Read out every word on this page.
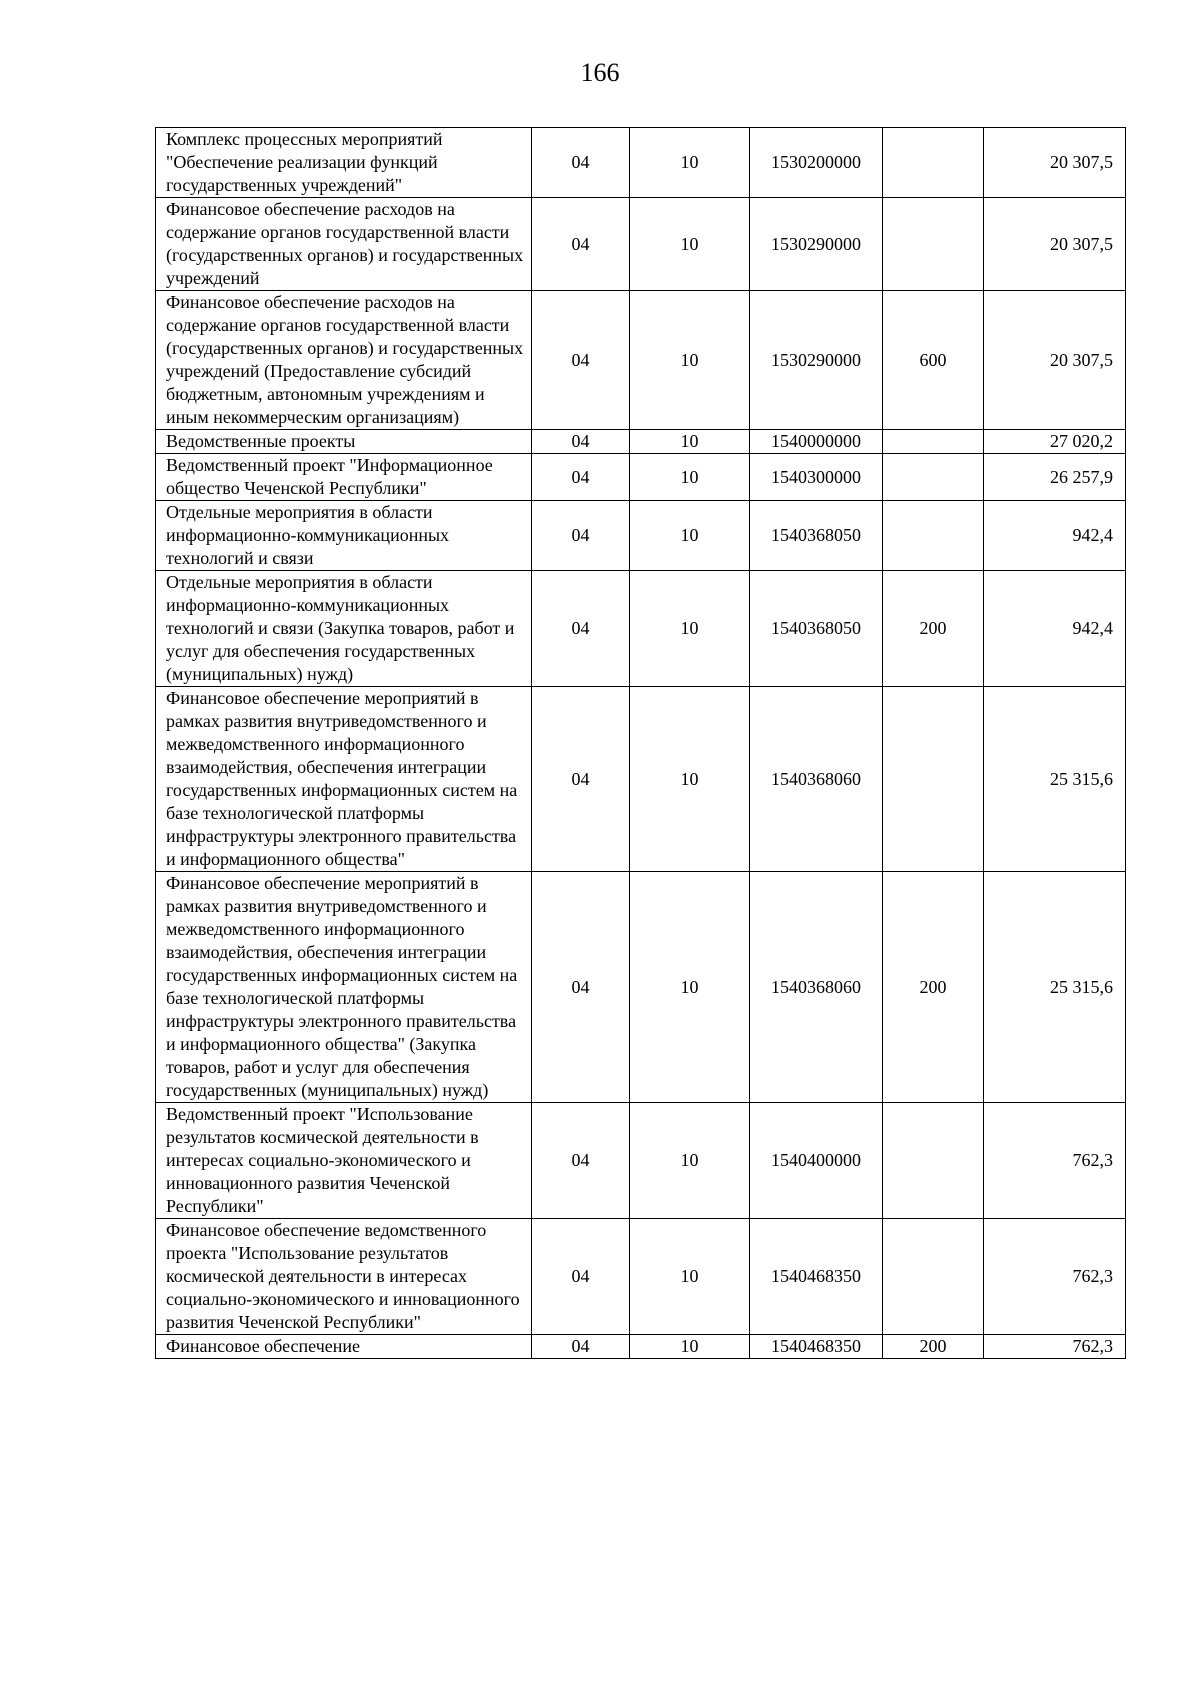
166
Комплекс процессных мероприятий "Обеспечение реализации функций государственных учреждений"	04	10	1530200000		20 307,5
Финансовое обеспечение расходов на содержание органов государственной власти (государственных органов) и государственных учреждений	04	10	1530290000		20 307,5
Финансовое обеспечение расходов на содержание органов государственной власти (государственных органов) и государственных учреждений (Предоставление субсидий бюджетным, автономным учреждениям и иным некоммерческим организациям)	04	10	1530290000	600	20 307,5
Ведомственные проекты	04	10	1540000000		27 020,2
Ведомственный проект "Информационное общество Чеченской Республики"	04	10	1540300000		26 257,9
Отдельные мероприятия в области информационно-коммуникационных технологий и связи	04	10	1540368050		942,4
Отдельные мероприятия в области информационно-коммуникационных технологий и связи (Закупка товаров, работ и услуг для обеспечения государственных (муниципальных) нужд)	04	10	1540368050	200	942,4
Финансовое обеспечение мероприятий в рамках развития внутриведомственного и межведомственного информационного взаимодействия, обеспечения интеграции государственных информационных систем на базе технологической платформы инфраструктуры электронного правительства и информационного общества"	04	10	1540368060		25 315,6
Финансовое обеспечение мероприятий в рамках развития внутриведомственного и межведомственного информационного взаимодействия, обеспечения интеграции государственных информационных систем на базе технологической платформы инфраструктуры электронного правительства и информационного общества" (Закупка товаров, работ и услуг для обеспечения государственных (муниципальных) нужд)	04	10	1540368060	200	25 315,6
Ведомственный проект "Использование результатов космической деятельности в интересах социально-экономического и инновационного развития Чеченской Республики"	04	10	1540400000		762,3
Финансовое обеспечение ведомственного проекта "Использование результатов космической деятельности в интересах социально-экономического и инновационного развития Чеченской Республики"	04	10	1540468350		762,3
Финансовое обеспечение	04	10	1540468350	200	762,3
